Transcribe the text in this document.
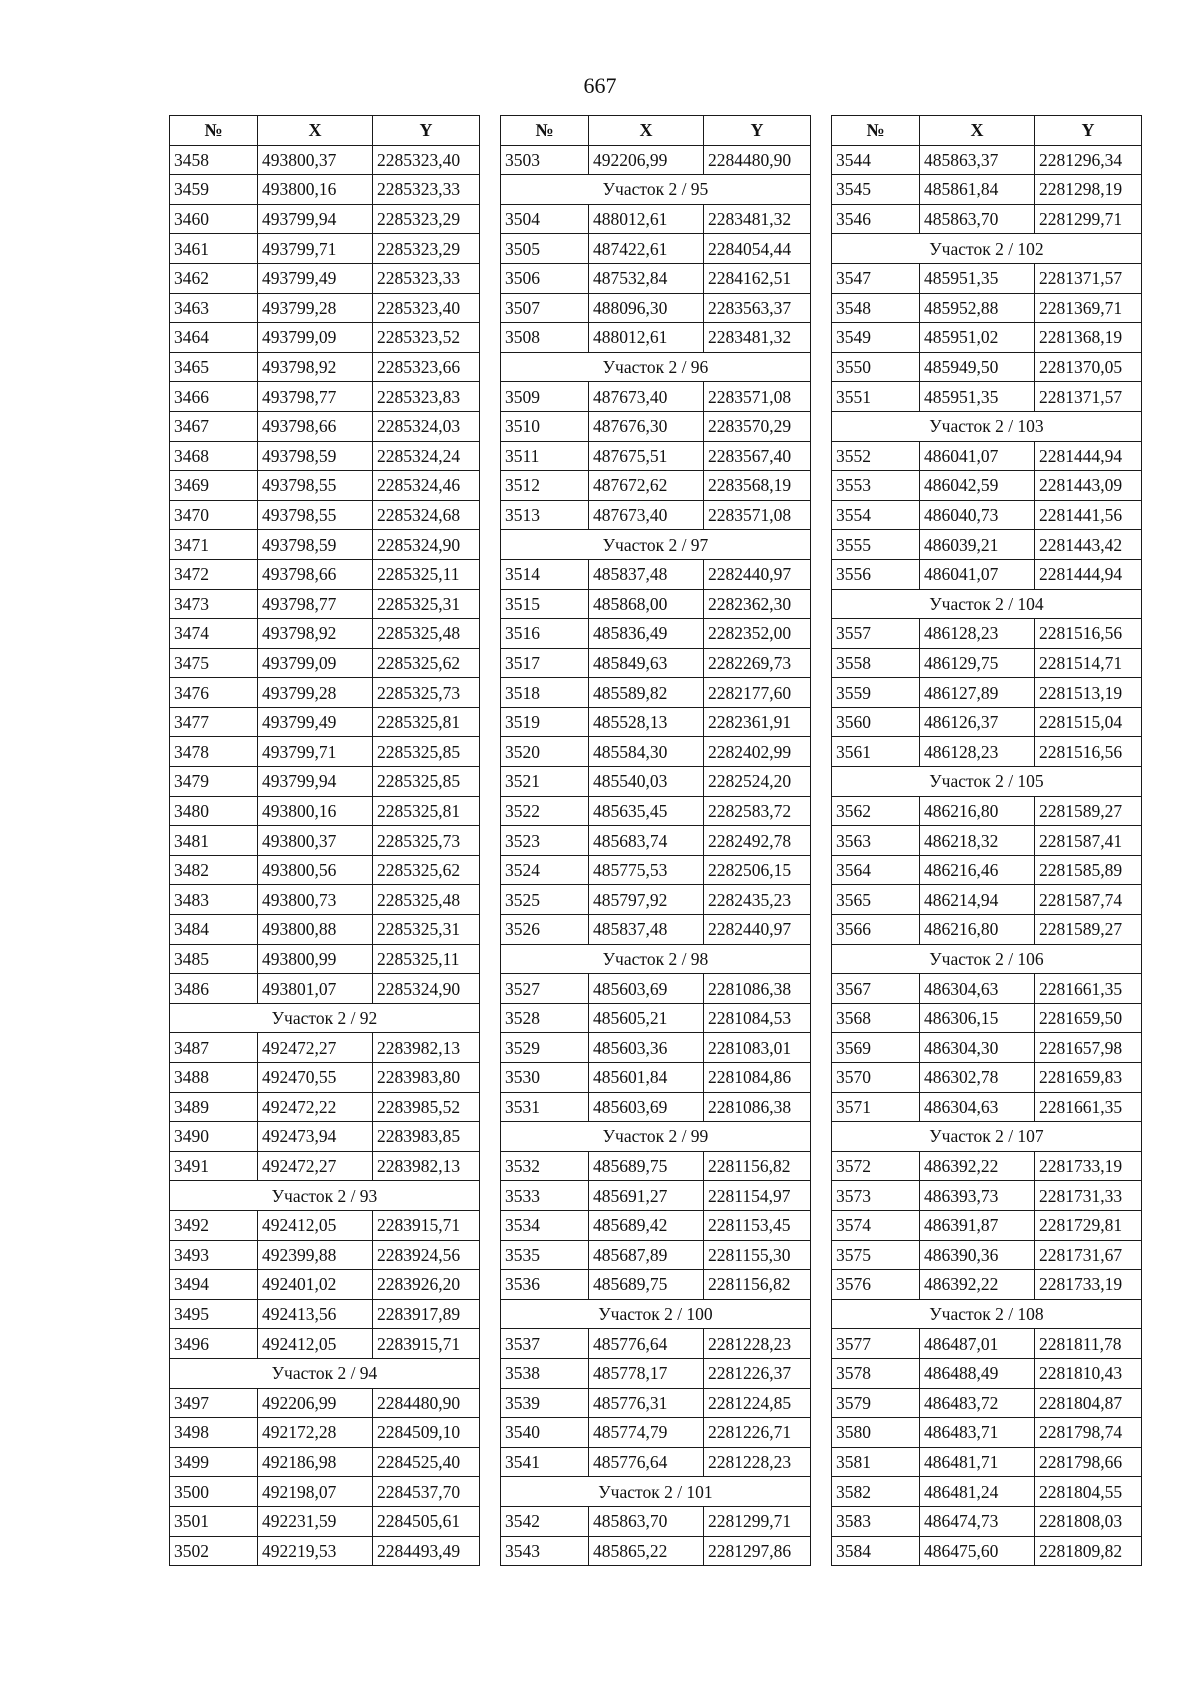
667
№	X	Y
3458	493800,37	2285323,40
3459	493800,16	2285323,33
3460	493799,94	2285323,29
3461	493799,71	2285323,29
3462	493799,49	2285323,33
3463	493799,28	2285323,40
3464	493799,09	2285323,52
3465	493798,92	2285323,66
3466	493798,77	2285323,83
3467	493798,66	2285324,03
3468	493798,59	2285324,24
3469	493798,55	2285324,46
3470	493798,55	2285324,68
3471	493798,59	2285324,90
3472	493798,66	2285325,11
3473	493798,77	2285325,31
3474	493798,92	2285325,48
3475	493799,09	2285325,62
3476	493799,28	2285325,73
3477	493799,49	2285325,81
3478	493799,71	2285325,85
3479	493799,94	2285325,85
3480	493800,16	2285325,81
3481	493800,37	2285325,73
3482	493800,56	2285325,62
3483	493800,73	2285325,48
3484	493800,88	2285325,31
3485	493800,99	2285325,11
3486	493801,07	2285324,90
Участок 2 / 92		
3487	492472,27	2283982,13
3488	492470,55	2283983,80
3489	492472,22	2283985,52
3490	492473,94	2283983,85
3491	492472,27	2283982,13
Участок 2 / 93		
3492	492412,05	2283915,71
3493	492399,88	2283924,56
3494	492401,02	2283926,20
3495	492413,56	2283917,89
3496	492412,05	2283915,71
Участок 2 / 94		
3497	492206,99	2284480,90
3498	492172,28	2284509,10
3499	492186,98	2284525,40
3500	492198,07	2284537,70
3501	492231,59	2284505,61
3502	492219,53	2284493,49
№	X	Y
3503	492206,99	2284480,90
Участок 2 / 95		
3504	488012,61	2283481,32
3505	487422,61	2284054,44
3506	487532,84	2284162,51
3507	488096,30	2283563,37
3508	488012,61	2283481,32
Участок 2 / 96		
3509	487673,40	2283571,08
3510	487676,30	2283570,29
3511	487675,51	2283567,40
3512	487672,62	2283568,19
3513	487673,40	2283571,08
Участок 2 / 97		
3514	485837,48	2282440,97
3515	485868,00	2282362,30
3516	485836,49	2282352,00
3517	485849,63	2282269,73
3518	485589,82	2282177,60
3519	485528,13	2282361,91
3520	485584,30	2282402,99
3521	485540,03	2282524,20
3522	485635,45	2282583,72
3523	485683,74	2282492,78
3524	485775,53	2282506,15
3525	485797,92	2282435,23
3526	485837,48	2282440,97
Участок 2 / 98		
3527	485603,69	2281086,38
3528	485605,21	2281084,53
3529	485603,36	2281083,01
3530	485601,84	2281084,86
3531	485603,69	2281086,38
Участок 2 / 99		
3532	485689,75	2281156,82
3533	485691,27	2281154,97
3534	485689,42	2281153,45
3535	485687,89	2281155,30
3536	485689,75	2281156,82
Участок 2 / 100		
3537	485776,64	2281228,23
3538	485778,17	2281226,37
3539	485776,31	2281224,85
3540	485774,79	2281226,71
3541	485776,64	2281228,23
Участок 2 / 101		
3542	485863,70	2281299,71
3543	485865,22	2281297,86
№	X	Y
3544	485863,37	2281296,34
3545	485861,84	2281298,19
3546	485863,70	2281299,71
Участок 2 / 102		
3547	485951,35	2281371,57
3548	485952,88	2281369,71
3549	485951,02	2281368,19
3550	485949,50	2281370,05
3551	485951,35	2281371,57
Участок 2 / 103		
3552	486041,07	2281444,94
3553	486042,59	2281443,09
3554	486040,73	2281441,56
3555	486039,21	2281443,42
3556	486041,07	2281444,94
Участок 2 / 104		
3557	486128,23	2281516,56
3558	486129,75	2281514,71
3559	486127,89	2281513,19
3560	486126,37	2281515,04
3561	486128,23	2281516,56
Участок 2 / 105		
3562	486216,80	2281589,27
3563	486218,32	2281587,41
3564	486216,46	2281585,89
3565	486214,94	2281587,74
3566	486216,80	2281589,27
Участок 2 / 106		
3567	486304,63	2281661,35
3568	486306,15	2281659,50
3569	486304,30	2281657,98
3570	486302,78	2281659,83
3571	486304,63	2281661,35
Участок 2 / 107		
3572	486392,22	2281733,19
3573	486393,73	2281731,33
3574	486391,87	2281729,81
3575	486390,36	2281731,67
3576	486392,22	2281733,19
Участок 2 / 108		
3577	486487,01	2281811,78
3578	486488,49	2281810,43
3579	486483,72	2281804,87
3580	486483,71	2281798,74
3581	486481,71	2281798,66
3582	486481,24	2281804,55
3583	486474,73	2281808,03
3584	486475,60	2281809,82
